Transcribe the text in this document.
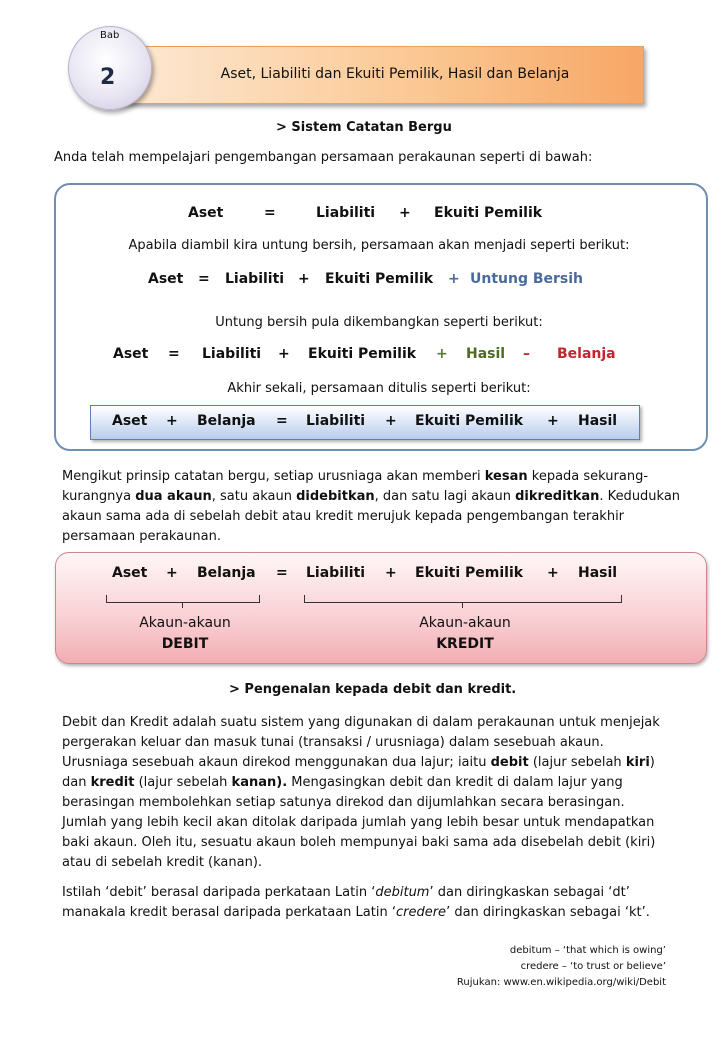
Aset, Liabiliti dan Ekuiti Pemilik, Hasil dan Belanja
Bab
2
> Sistem Catatan Bergu
Anda telah mempelajari pengembangan persamaan perakaunan seperti di bawah:
Aset	=	Liabiliti + Ekuiti Pemilik
Apabila diambil kira untung bersih, persamaan akan menjadi seperti berikut:
Aset = Liabiliti + Ekuiti Pemilik + Untung Bersih
Untung bersih pula dikembangkan seperti berikut:
Aset = Liabiliti + Ekuiti Pemilik + Hasil – Belanja
Akhir sekali, persamaan ditulis seperti berikut:
Aset + Belanja = Liabiliti + Ekuiti Pemilik + Hasil
Mengikut prinsip catatan bergu, setiap urusniaga akan memberi kesan kepada sekurang-
kurangnya dua akaun, satu akaun didebitkan, dan satu lagi akaun dikreditkan. Kedudukan
akaun sama ada di sebelah debit atau kredit merujuk kepada pengembangan terakhir
persamaan perakaunan.
Aset + Belanja = Liabiliti + Ekuiti Pemilik + Hasil
Akaun-akaun
DEBIT
Akaun-akaun
KREDIT
> Pengenalan kepada debit dan kredit.
Debit dan Kredit adalah suatu sistem yang digunakan di dalam perakaunan untuk menjejak
pergerakan keluar dan masuk tunai (transaksi / urusniaga) dalam sesebuah akaun.
Urusniaga sesebuah akaun direkod menggunakan dua lajur; iaitu debit (lajur sebelah kiri)
dan kredit (lajur sebelah kanan). Mengasingkan debit dan kredit di dalam lajur yang
berasingan membolehkan setiap satunya direkod dan dijumlahkan secara berasingan.
Jumlah yang lebih kecil akan ditolak daripada jumlah yang lebih besar untuk mendapatkan
baki akaun. Oleh itu, sesuatu akaun boleh mempunyai baki sama ada disebelah debit (kiri)
atau di sebelah kredit (kanan).
Istilah ‘debit’ berasal daripada perkataan Latin ‘debitum’ dan diringkaskan sebagai ‘dt’
manakala kredit berasal daripada perkataan Latin ‘credere’ dan diringkaskan sebagai ‘kt’.
debitum – ‘that which is owing’
credere – ‘to trust or believe’
Rujukan: www.en.wikipedia.org/wiki/Debit
